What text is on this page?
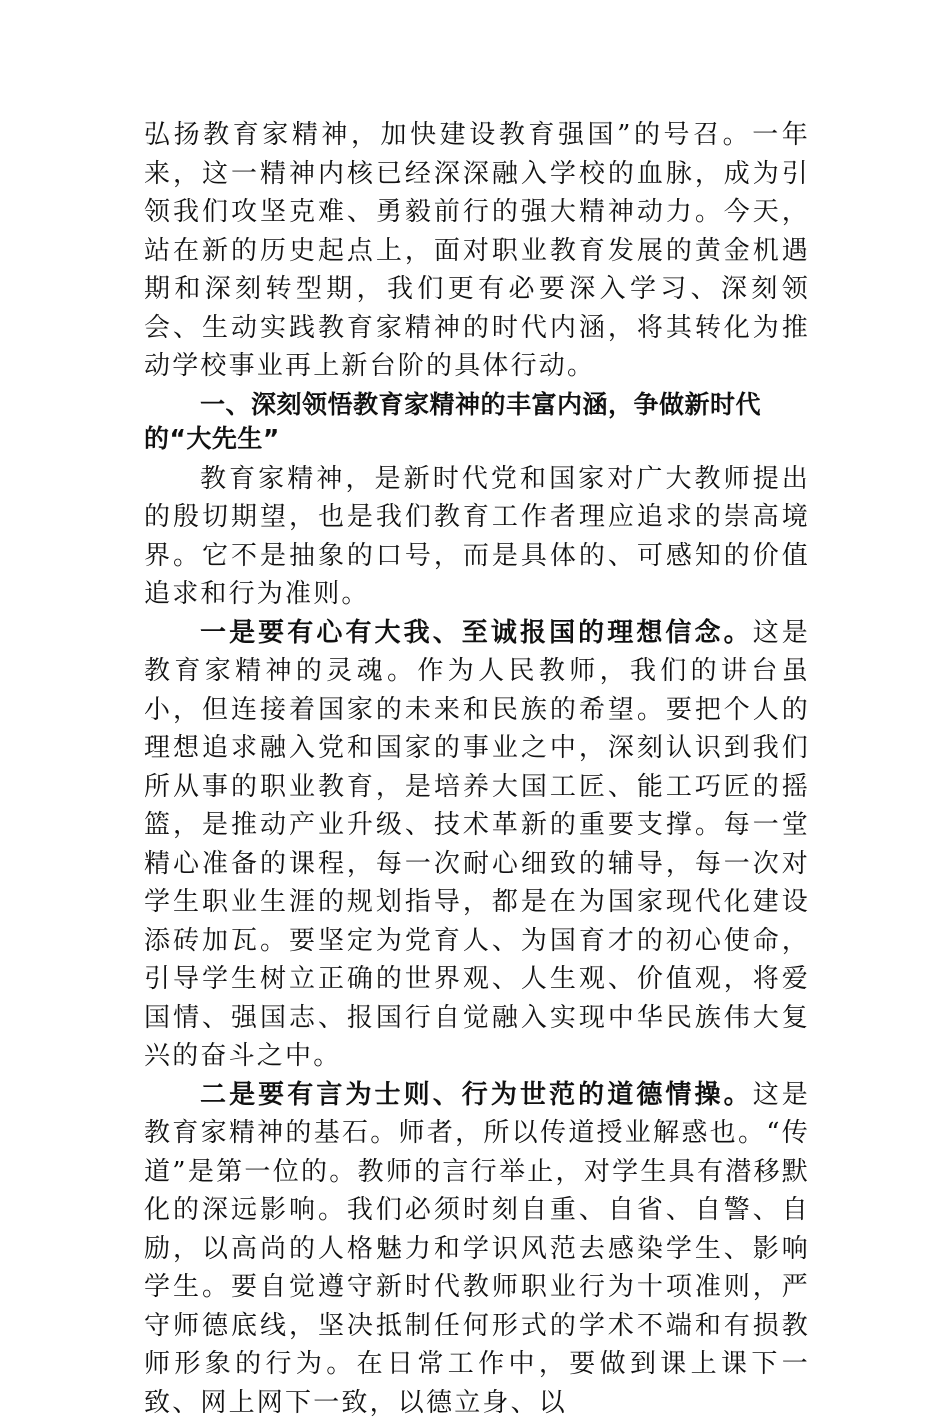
弘扬教育家精神，加快建设教育强国”的号召。一年来，这一精神内核已经深深融入学校的血脉，成为引领我们攻坚克难、勇毅前行的强大精神动力。今天，站在新的历史起点上，面对职业教育发展的黄金机遇期和深刻转型期，我们更有必要深入学习、深刻领会、生动实践教育家精神的时代内涵，将其转化为推动学校事业再上新台阶的具体行动。

一、深刻领悟教育家精神的丰富内涵，争做新时代的“大先生”

教育家精神，是新时代党和国家对广大教师提出的殷切期望，也是我们教育工作者理应追求的崇高境界。它不是抽象的口号，而是具体的、可感知的价值追求和行为准则。

一是要有心有大我、至诚报国的理想信念。这是教育家精神的灵魂。作为人民教师，我们的讲台虽小，但连接着国家的未来和民族的希望。要把个人的理想追求融入党和国家的事业之中，深刻认识到我们所从事的职业教育，是培养大国工匠、能工巧匠的摇篮，是推动产业升级、技术革新的重要支撑。每一堂精心准备的课程，每一次耐心细致的辅导，每一次对学生职业生涯的规划指导，都是在为国家现代化建设添砖加瓦。要坚定为党育人、为国育才的初心使命，引导学生树立正确的世界观、人生观、价值观，将爱国情、强国志、报国行自觉融入实现中华民族伟大复兴的奋斗之中。

二是要有言为士则、行为世范的道德情操。这是教育家精神的基石。师者，所以传道授业解惑也。“传道”是第一位的。教师的言行举止，对学生具有潜移默化的深远影响。我们必须时刻自重、自省、自警、自励，以高尚的人格魅力和学识风范去感染学生、影响学生。要自觉遵守新时代教师职业行为十项准则，严守师德底线，坚决抵制任何形式的学术不端和有损教师形象的行为。在日常工作中，要做到课上课下一致、网上网下一致，以德立身、以
